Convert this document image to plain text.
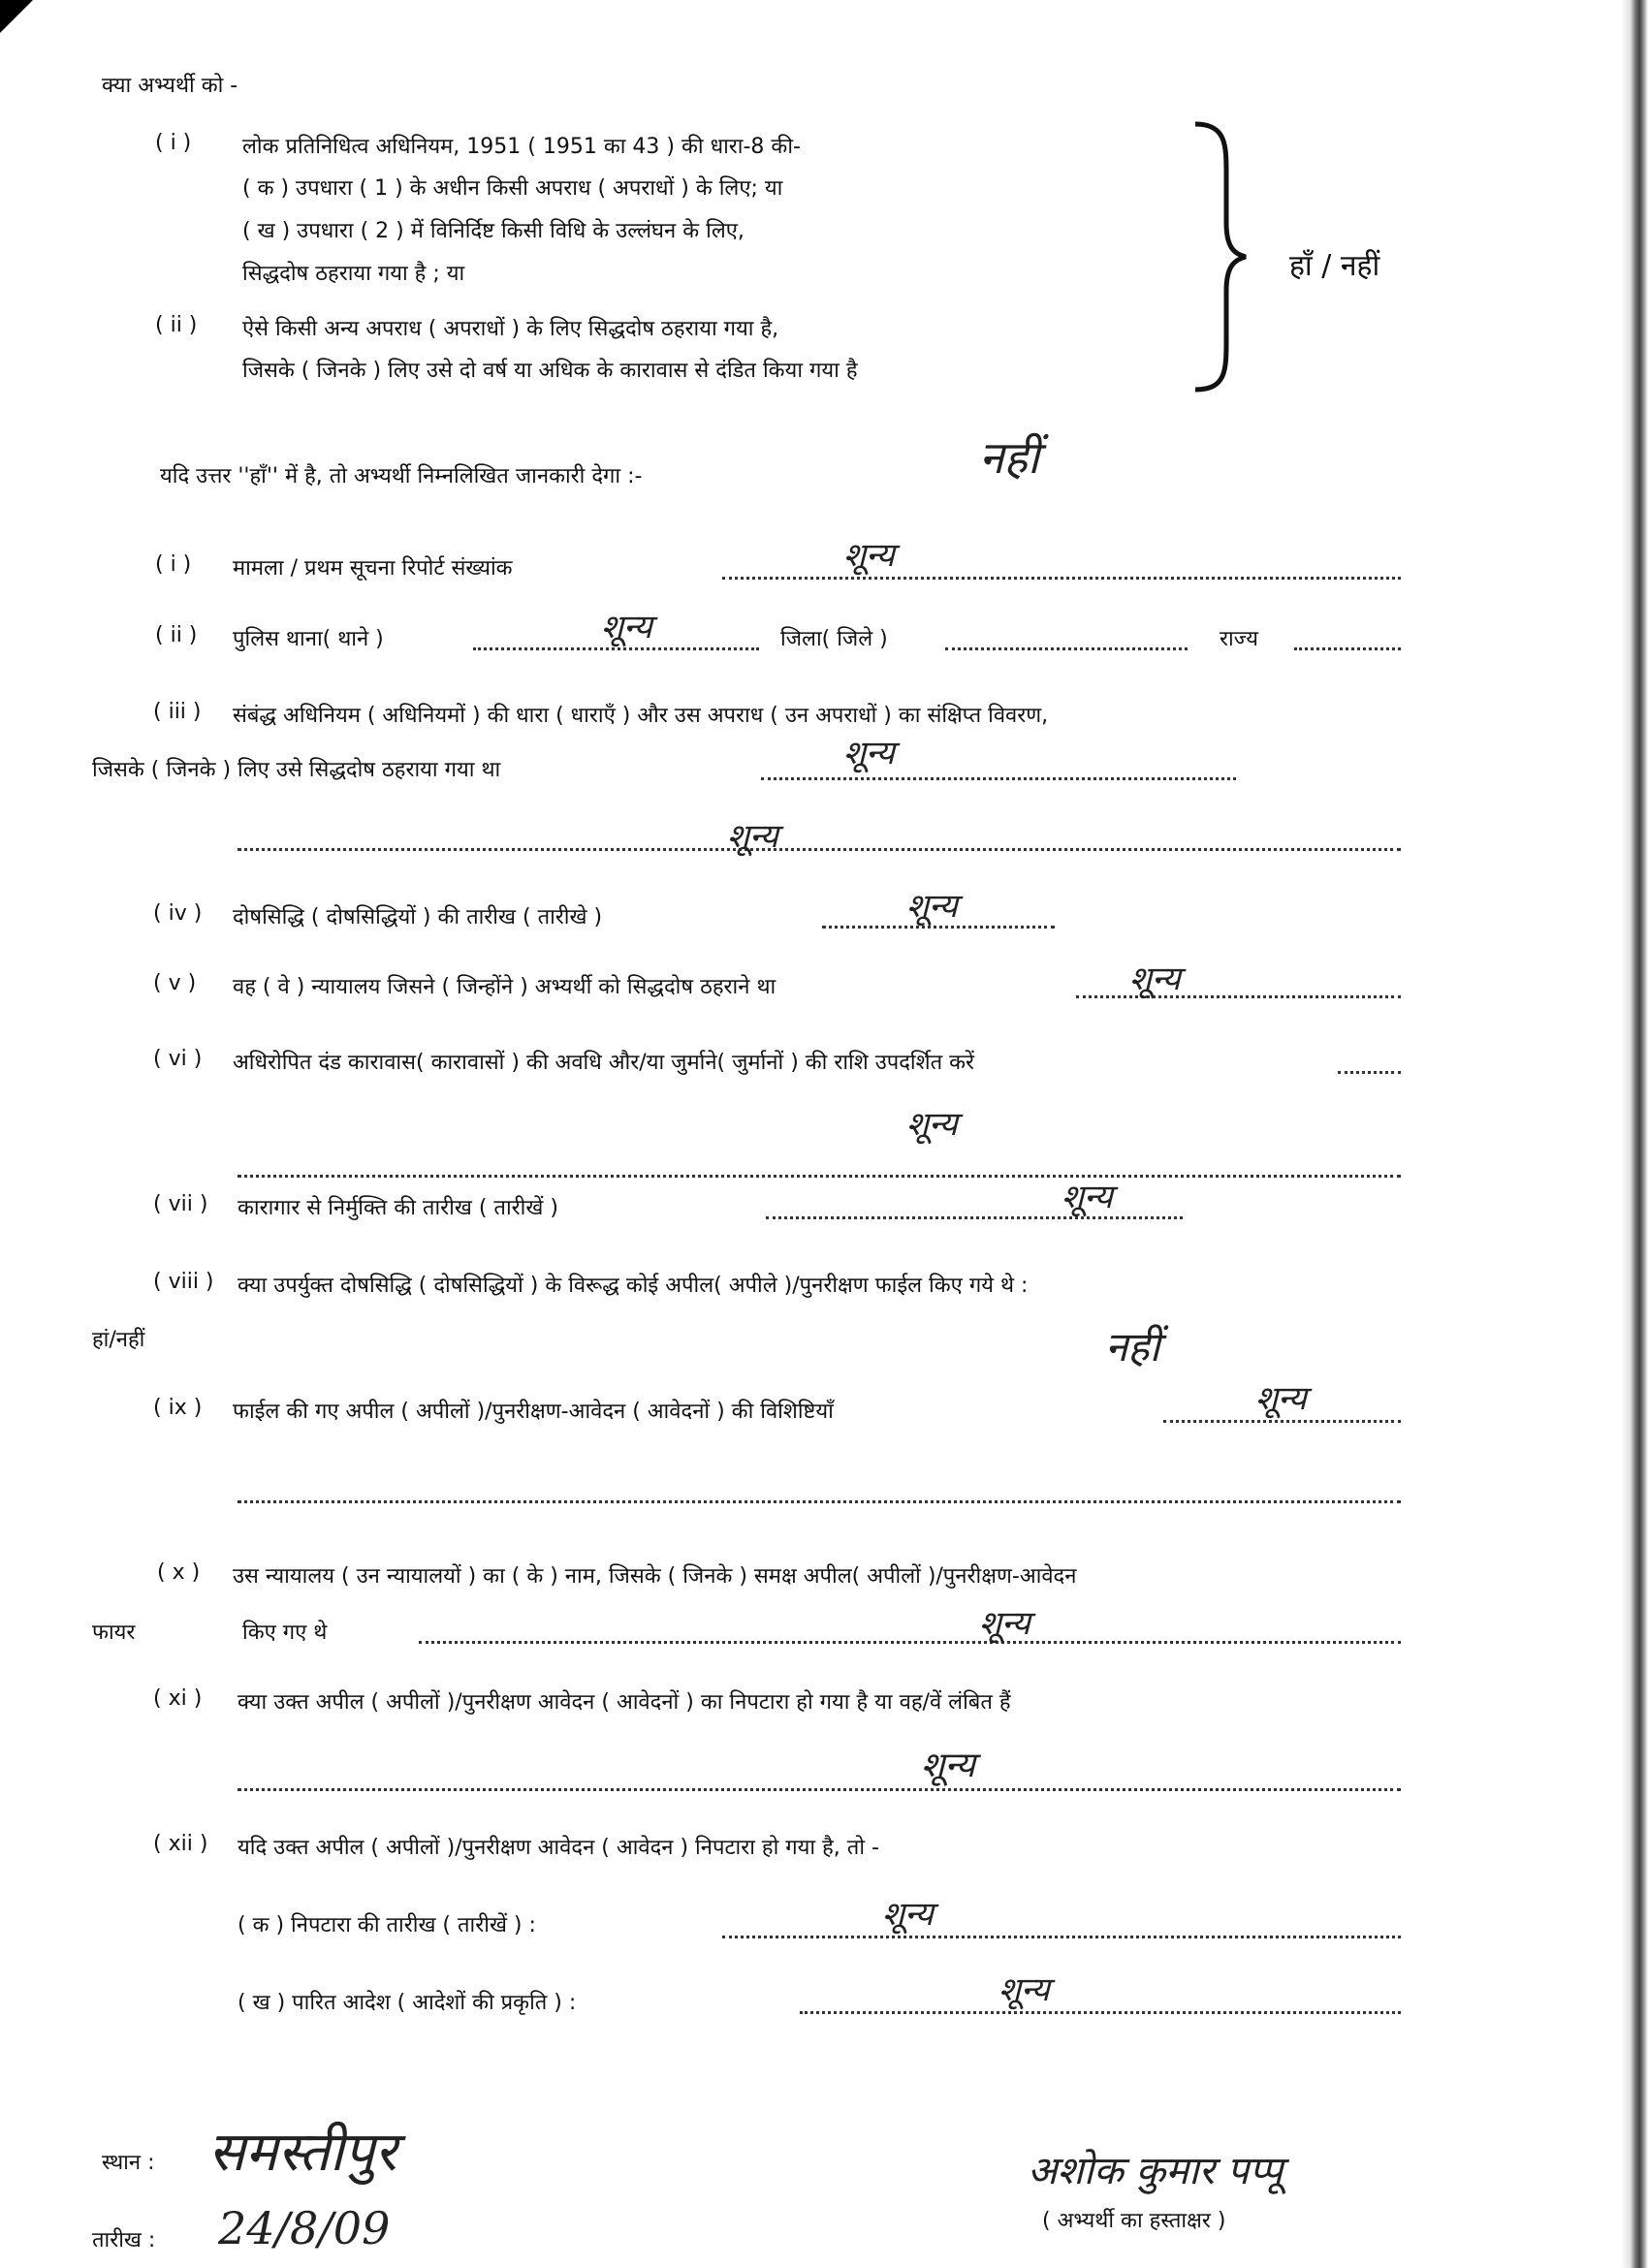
क्या अभ्यर्थी को -
( i ) लोक प्रतिनिधित्व अधिनियम, 1951 ( 1951 का 43 ) की धारा-8 की-
( क ) उपधारा ( 1 ) के अधीन किसी अपराध ( अपराधों ) के लिए; या
( ख ) उपधारा ( 2 ) में विनिर्दिष्ट किसी विधि के उल्लंघन के लिए,
सिद्धदोष ठहराया गया है ; या
( ii ) ऐसे किसी अन्य अपराध ( अपराधों ) के लिए सिद्धदोष ठहराया गया है,
जिसके ( जिनके ) लिए उसे दो वर्ष या अधिक के कारावास से दंडित किया गया है
हाँ / नहीं
यदि उत्तर ''हाँ'' में है, तो अभ्यर्थी निम्नलिखित जानकारी देगा :-	नहीं
( i ) मामला / प्रथम सूचना रिपोर्ट संख्यांक	शून्य
( ii ) पुलिस थाना( थाने )	शून्य	जिला( जिले )	राज्य
( iii ) संबंद्ध अधिनियम ( अधिनियमों ) की धारा ( धाराएँ ) और उस अपराध ( उन अपराधों ) का संक्षिप्त विवरण,
जिसके ( जिनके ) लिए उसे सिद्धदोष ठहराया गया था	शून्य
शून्य
( iv ) दोषसिद्धि ( दोषसिद्धियों ) की तारीख ( तारीखे )	शून्य
( v ) वह ( वे ) न्यायालय जिसने ( जिन्होंने ) अभ्यर्थी को सिद्धदोष ठहराने था	शून्य
( vi ) अधिरोपित दंड कारावास( कारावासों ) की अवधि और/या जुर्माने( जुर्मानों ) की राशि उपदर्शित करें
शून्य
( vii ) कारागार से निर्मुक्ति की तारीख ( तारीखें )	शून्य
( viii ) क्या उपर्युक्त दोषसिद्धि ( दोषसिद्धियों ) के विरूद्ध कोई अपील( अपीले )/पुनरीक्षण फाईल किए गये थे :
हां/नहीं	नहीं
( ix ) फाईल की गए अपील ( अपीलों )/पुनरीक्षण-आवेदन ( आवेदनों ) की विशिष्टियाँ	शून्य
( x ) उस न्यायालय ( उन न्यायालयों ) का ( के ) नाम, जिसके ( जिनके ) समक्ष अपील( अपीलों )/पुनरीक्षण-आवेदन
फायर	किए गए थे	शून्य
( xi ) क्या उक्त अपील ( अपीलों )/पुनरीक्षण आवेदन ( आवेदनों ) का निपटारा हो गया है या वह/वें लंबित हैं
शून्य
( xii ) यदि उक्त अपील ( अपीलों )/पुनरीक्षण आवेदन ( आवेदन ) निपटारा हो गया है, तो -
( क ) निपटारा की तारीख ( तारीखें ) :	शून्य
( ख ) पारित आदेश ( आदेशों की प्रकृति ) :	शून्य
स्थान : समस्तीपुर
तारीख : 24/8/09
अशोक कुमार पप्पू
( अभ्यर्थी का हस्ताक्षर )
